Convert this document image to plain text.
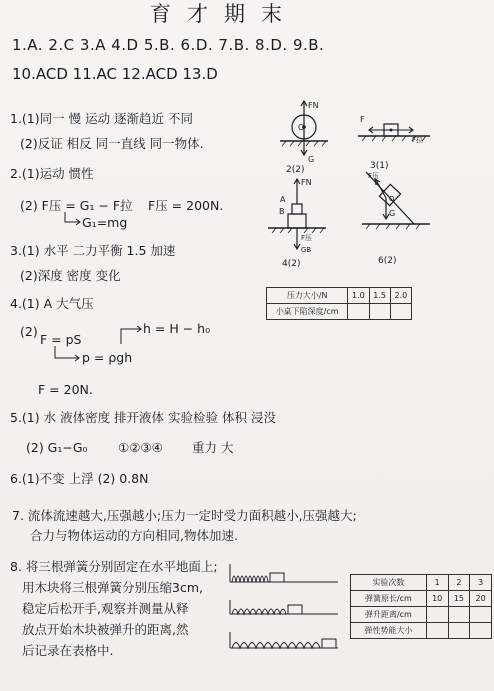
育才期末
1.A. 2.C 3.A 4.D 5.B. 6.D. 7.B. 8.D. 9.B.
10.ACD 11.AC 12.ACD 13.D
1.(1)同一 慢 运动 逐渐趋近 不同
(2)反证 相反 同一直线 同一物体.
2.(1)运动 惯性
(2) F压 = G₁ − F拉 F压 = 200N.
G₁=mg
3.(1) 水平 二力平衡 1.5 加速
(2)深度 密度 变化
4.(1) A 大气压
(2)
F = pS
h = H − h₀
p = ρgh
F = 20N.
5.(1) 水 液体密度 排开液体 实验检验 体积 浸没
(2) G₁−G₀ ①②③④ 重力 大
6.(1)不变 上浮 (2) 0.8N
7. 流体流速越大,压强越小;压力一定时受力面积越小,压强越大;
合力与物体运动的方向相同,物体加速.
8. 将三根弹簧分别固定在水平地面上;
用木块将三根弹簧分别压缩3cm,
稳定后松开手,观察并测量从释
放点开始木块被弹升的距离,然
后记录在表格中.
FN
O
G
2(2)
F
F拉
FN
A
B
F压
GB
4(2)
3(1)
F压
O
G
6(2)
压力大小/N	1.0	1.5	2.0
小桌下陷深度/cm			
实验次数	1	2	3
弹簧原长/cm	10	15	20
弹升距离/cm			
弹性势能大小			
